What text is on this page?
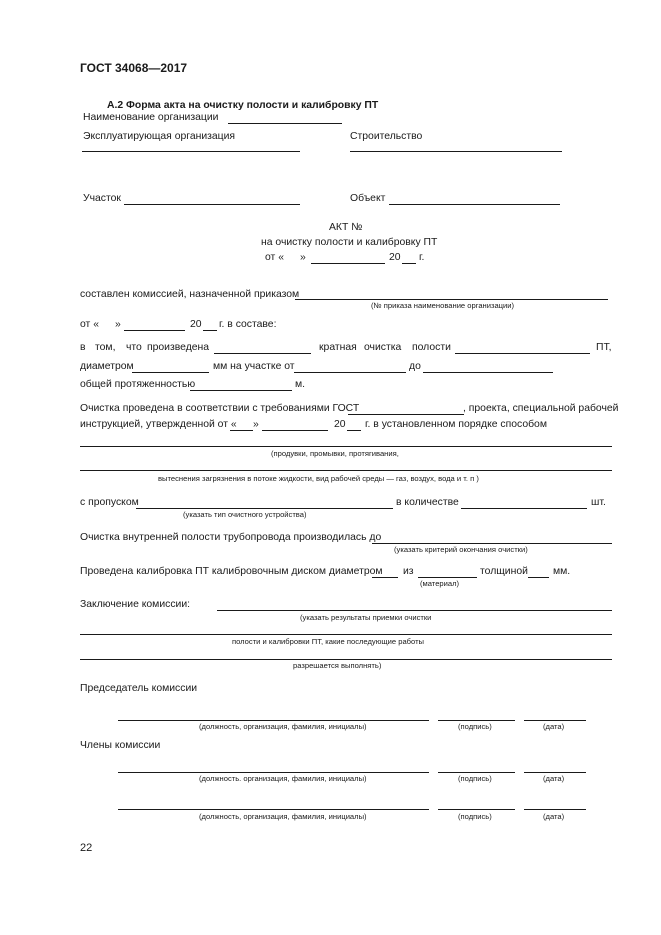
ГОСТ 34068—2017
А.2 Форма акта на очистку полости и калибровку ПТ
Наименование организации
Эксплуатирующая организация	Строительство
Участок	Объект
АКТ №
на очистку полости и калибровку ПТ
от « »	20 г.
составлен комиссией, назначенной приказом
(№ приказа наименование организации)
от « »	20 г. в составе:
в том, что произведена	кратная очистка полости	ПТ,
диаметром	мм на участке от	до
общей протяженностью	м.
Очистка проведена в соответствии с требованиями ГОСТ	, проекта, специальной рабочей
инструкцией, утвержденной от « »	20 г. в установленном порядке способом
(продувки, промывки, протягивания,
вытеснения загрязнения в потоке жидкости, вид рабочей среды — газ, воздух, вода и т. п )
с пропуском	в количестве	шт.
(указать тип очистного устройства)
Очистка внутренней полости трубопровода производилась до
(указать критерий окончания очистки)
Проведена калибровка ПТ калибровочным диском диаметром из	толщиной мм.
(материал)
Заключение комиссии:
(указать результаты приемки очистки
полости и калибровки ПТ, какие последующие работы
разрешается выполнять)
Председатель комиссии
(должность, организация, фамилия, инициалы)	(подпись)	(дата)
Члены комиссии
(должность. организация, фамилия, инициалы)	(подпись)	(дата)
(должность, организация, фамилия, инициалы)	(подпись)	(дата)
22
